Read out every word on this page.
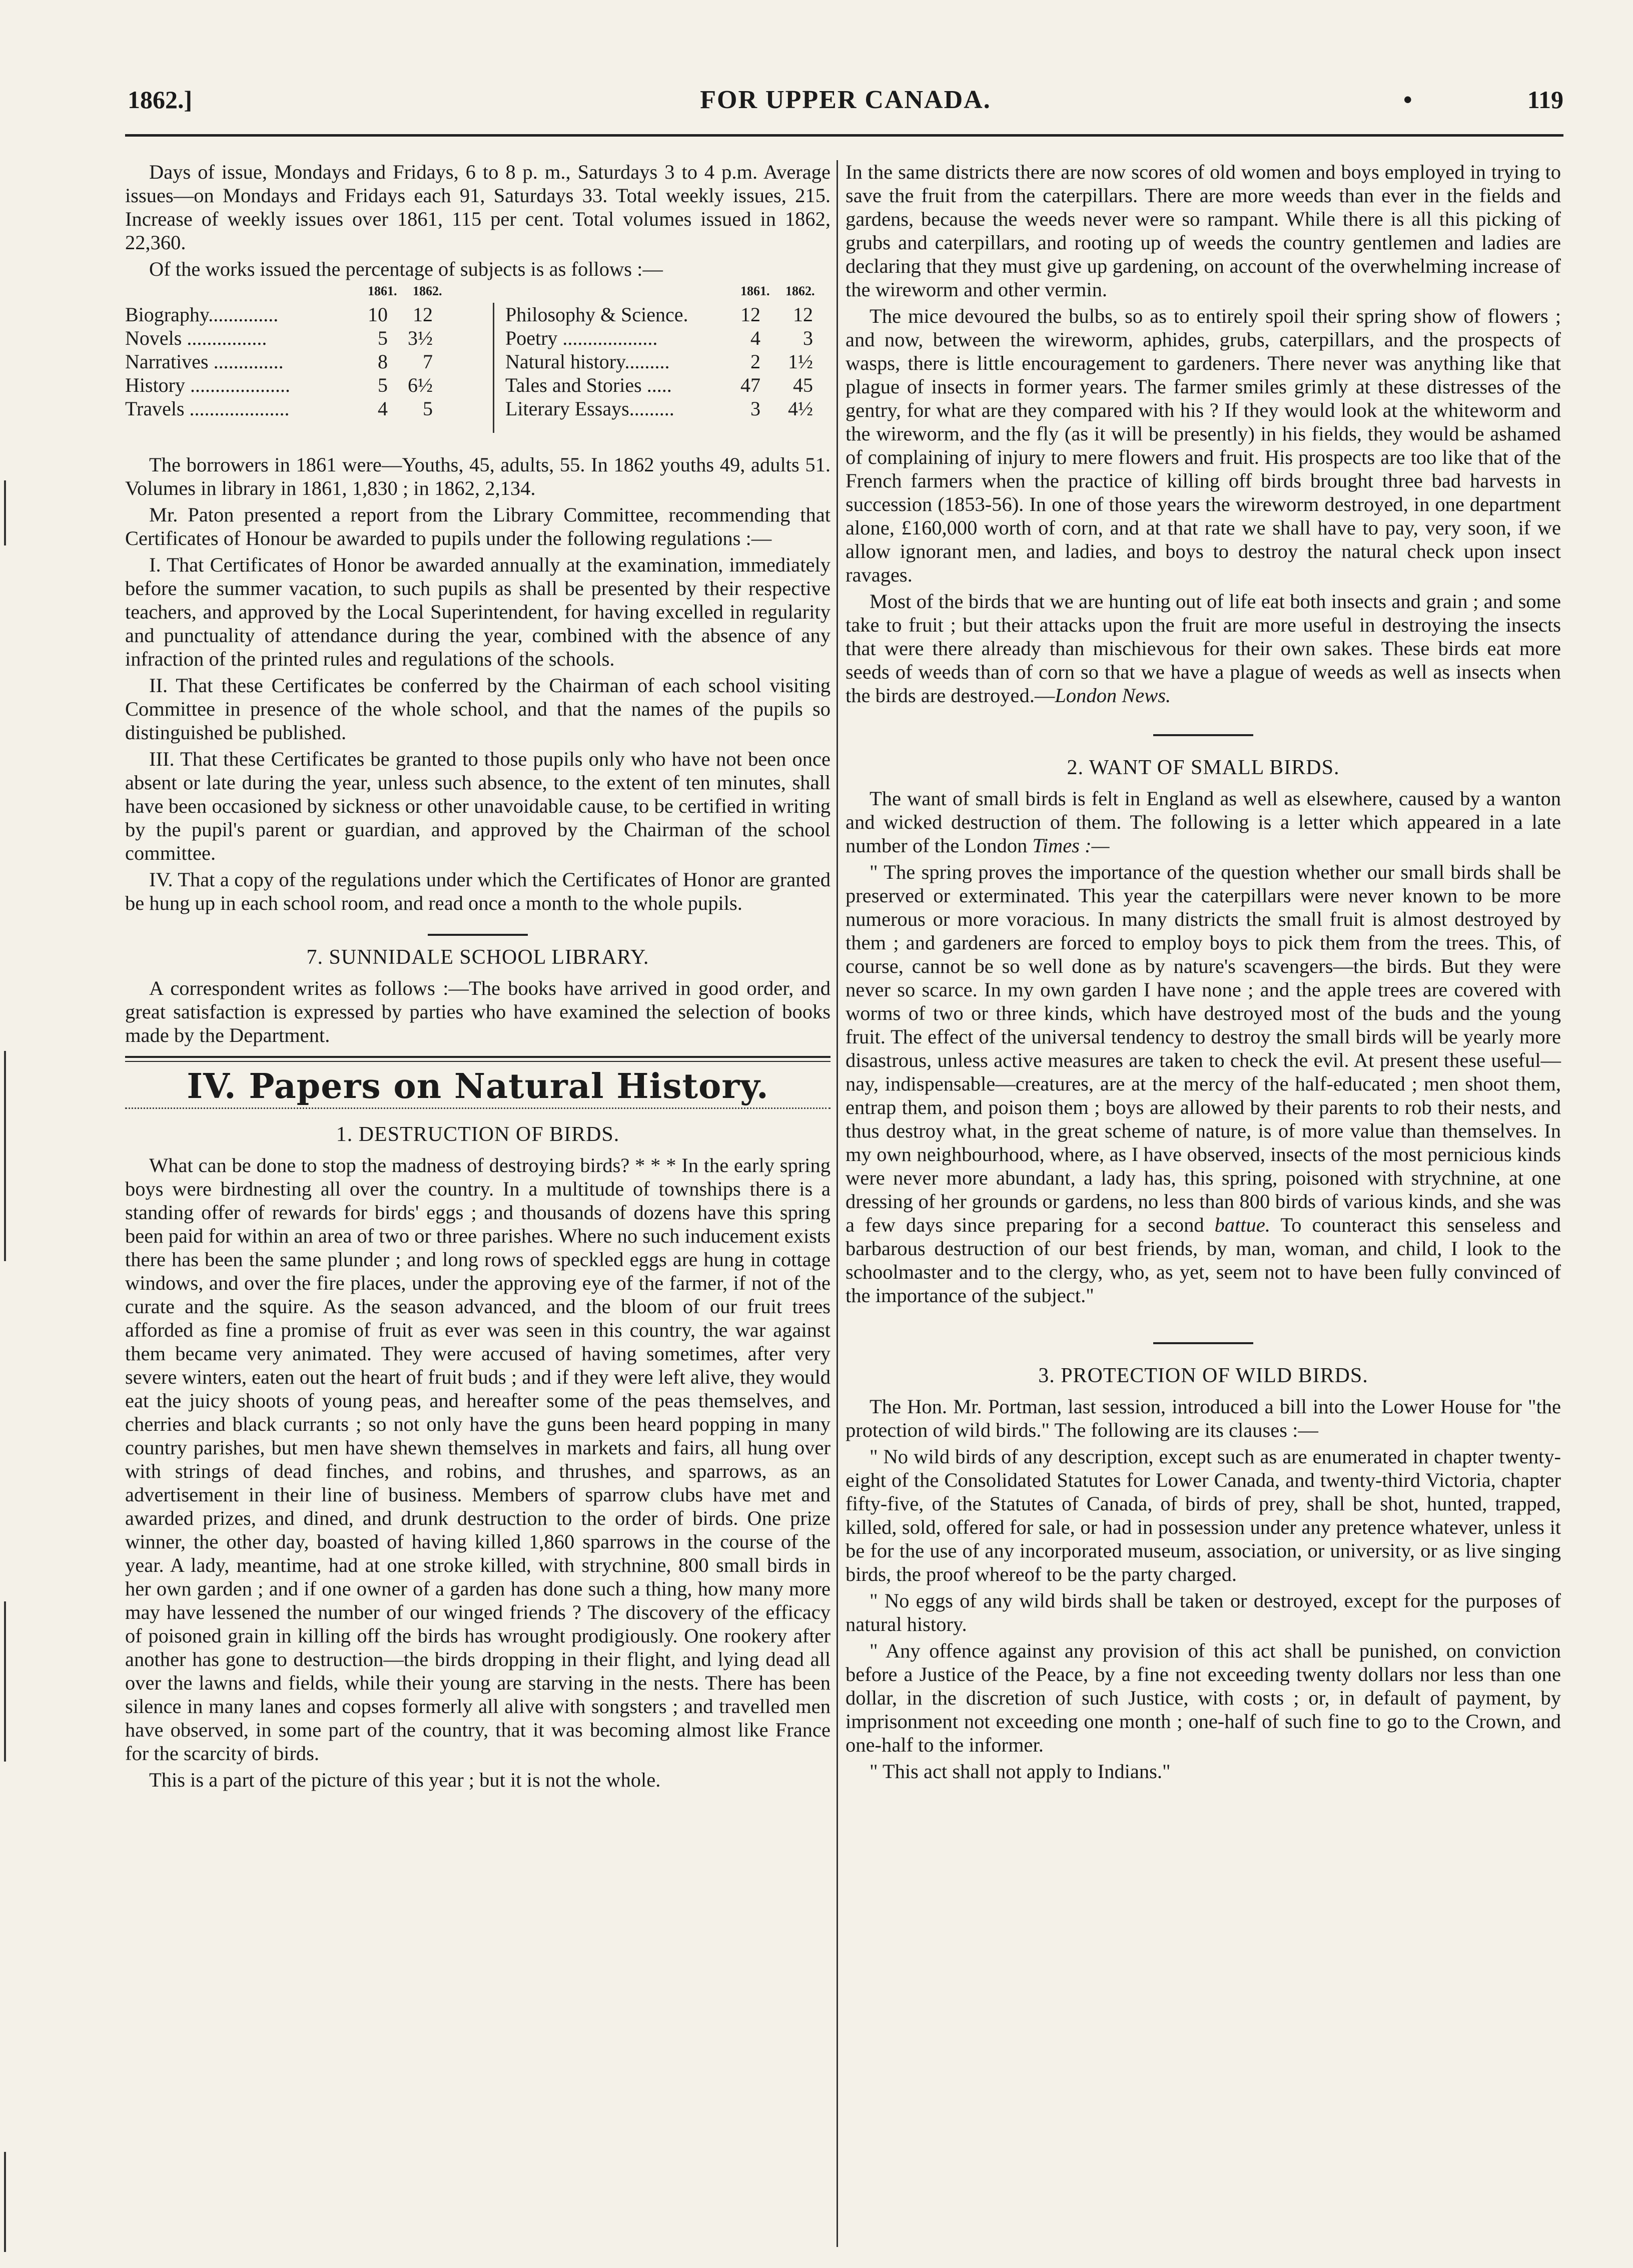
1862.]	FOR UPPER CANADA.	•	119

Days of issue, Mondays and Fridays, 6 to 8 p. m., Saturdays 3 to 4 p.m. Average issues—on Mondays and Fridays each 91, Saturdays 33. Total weekly issues, 215. Increase of weekly issues over 1861, 115 per cent. Total volumes issued in 1862, 22,360.

Of the works issued the percentage of subjects is as follows :—

1861. 1862.	1861. 1862.
Biography..............	10	12
Novels ................	5	3½
Narratives ..............	8	7
History ....................	5	6½
Travels ....................	4	5
Philosophy & Science.	12	12
Poetry ...................	4	3
Natural history.........	2	1½
Tales and Stories .....	47	45
Literary Essays.........	3	4½

The borrowers in 1861 were—Youths, 45, adults, 55. In 1862 youths 49, adults 51. Volumes in library in 1861, 1,830 ; in 1862, 2,134.

Mr. Paton presented a report from the Library Committee, recommending that Certificates of Honour be awarded to pupils under the following regulations :—

I. That Certificates of Honor be awarded annually at the examination, immediately before the summer vacation, to such pupils as shall be presented by their respective teachers, and approved by the Local Superintendent, for having excelled in regularity and punctuality of attendance during the year, combined with the absence of any infraction of the printed rules and regulations of the schools.

II. That these Certificates be conferred by the Chairman of each school visiting Committee in presence of the whole school, and that the names of the pupils so distinguished be published.

III. That these Certificates be granted to those pupils only who have not been once absent or late during the year, unless such absence, to the extent of ten minutes, shall have been occasioned by sickness or other unavoidable cause, to be certified in writing by the pupil's parent or guardian, and approved by the Chairman of the school committee.

IV. That a copy of the regulations under which the Certificates of Honor are granted be hung up in each school room, and read once a month to the whole pupils.

7. SUNNIDALE SCHOOL LIBRARY.

A correspondent writes as follows :—The books have arrived in good order, and great satisfaction is expressed by parties who have examined the selection of books made by the Department.

IV. Papers on Natural History.
1. DESTRUCTION OF BIRDS.

What can be done to stop the madness of destroying birds? * * * In the early spring boys were birdnesting all over the country. In a multitude of townships there is a standing offer of rewards for birds' eggs ; and thousands of dozens have this spring been paid for within an area of two or three parishes. Where no such inducement exists there has been the same plunder ; and long rows of speckled eggs are hung in cottage windows, and over the fire places, under the approving eye of the farmer, if not of the curate and the squire. As the season advanced, and the bloom of our fruit trees afforded as fine a promise of fruit as ever was seen in this country, the war against them became very animated. They were accused of having sometimes, after very severe winters, eaten out the heart of fruit buds ; and if they were left alive, they would eat the juicy shoots of young peas, and hereafter some of the peas themselves, and cherries and black currants ; so not only have the guns been heard popping in many country parishes, but men have shewn themselves in markets and fairs, all hung over with strings of dead finches, and robins, and thrushes, and sparrows, as an advertisement in their line of business. Members of sparrow clubs have met and awarded prizes, and dined, and drunk destruction to the order of birds. One prize winner, the other day, boasted of having killed 1,860 sparrows in the course of the year. A lady, meantime, had at one stroke killed, with strychnine, 800 small birds in her own garden ; and if one owner of a garden has done such a thing, how many more may have lessened the number of our winged friends ? The discovery of the efficacy of poisoned grain in killing off the birds has wrought prodigiously. One rookery after another has gone to destruction—the birds dropping in their flight, and lying dead all over the lawns and fields, while their young are starving in the nests. There has been silence in many lanes and copses formerly all alive with songsters ; and travelled men have observed, in some part of the country, that it was becoming almost like France for the scarcity of birds.

This is a part of the picture of this year ; but it is not the whole.

In the same districts there are now scores of old women and boys employed in trying to save the fruit from the caterpillars. There are more weeds than ever in the fields and gardens, because the weeds never were so rampant. While there is all this picking of grubs and caterpillars, and rooting up of weeds the country gentlemen and ladies are declaring that they must give up gardening, on account of the overwhelming increase of the wireworm and other vermin.

The mice devoured the bulbs, so as to entirely spoil their spring show of flowers ; and now, between the wireworm, aphides, grubs, caterpillars, and the prospects of wasps, there is little encouragement to gardeners. There never was anything like that plague of insects in former years. The farmer smiles grimly at these distresses of the gentry, for what are they compared with his ? If they would look at the whiteworm and the wireworm, and the fly (as it will be presently) in his fields, they would be ashamed of complaining of injury to mere flowers and fruit. His prospects are too like that of the French farmers when the practice of killing off birds brought three bad harvests in succession (1853-56). In one of those years the wireworm destroyed, in one department alone, £160,000 worth of corn, and at that rate we shall have to pay, very soon, if we allow ignorant men, and ladies, and boys to destroy the natural check upon insect ravages.

Most of the birds that we are hunting out of life eat both insects and grain ; and some take to fruit ; but their attacks upon the fruit are more useful in destroying the insects that were there already than mischievous for their own sakes. These birds eat more seeds of weeds than of corn so that we have a plague of weeds as well as insects when the birds are destroyed.—London News.

2. WANT OF SMALL BIRDS.

The want of small birds is felt in England as well as elsewhere, caused by a wanton and wicked destruction of them. The following is a letter which appeared in a late number of the London Times :—

" The spring proves the importance of the question whether our small birds shall be preserved or exterminated. This year the caterpillars were never known to be more numerous or more voracious. In many districts the small fruit is almost destroyed by them ; and gardeners are forced to employ boys to pick them from the trees. This, of course, cannot be so well done as by nature's scavengers—the birds. But they were never so scarce. In my own garden I have none ; and the apple trees are covered with worms of two or three kinds, which have destroyed most of the buds and the young fruit. The effect of the universal tendency to destroy the small birds will be yearly more disastrous, unless active measures are taken to check the evil. At present these useful—nay, indispensable—creatures, are at the mercy of the half-educated ; men shoot them, entrap them, and poison them ; boys are allowed by their parents to rob their nests, and thus destroy what, in the great scheme of nature, is of more value than themselves. In my own neighbourhood, where, as I have observed, insects of the most pernicious kinds were never more abundant, a lady has, this spring, poisoned with strychnine, at one dressing of her grounds or gardens, no less than 800 birds of various kinds, and she was a few days since preparing for a second battue. To counteract this senseless and barbarous destruction of our best friends, by man, woman, and child, I look to the schoolmaster and to the clergy, who, as yet, seem not to have been fully convinced of the importance of the subject."

3. PROTECTION OF WILD BIRDS.

The Hon. Mr. Portman, last session, introduced a bill into the Lower House for "the protection of wild birds." The following are its clauses :—

" No wild birds of any description, except such as are enumerated in chapter twenty-eight of the Consolidated Statutes for Lower Canada, and twenty-third Victoria, chapter fifty-five, of the Statutes of Canada, of birds of prey, shall be shot, hunted, trapped, killed, sold, offered for sale, or had in possession under any pretence whatever, unless it be for the use of any incorporated museum, association, or university, or as live singing birds, the proof whereof to be the party charged.

" No eggs of any wild birds shall be taken or destroyed, except for the purposes of natural history.

" Any offence against any provision of this act shall be punished, on conviction before a Justice of the Peace, by a fine not exceeding twenty dollars nor less than one dollar, in the discretion of such Justice, with costs ; or, in default of payment, by imprisonment not exceeding one month ; one-half of such fine to go to the Crown, and one-half to the informer.

" This act shall not apply to Indians."
